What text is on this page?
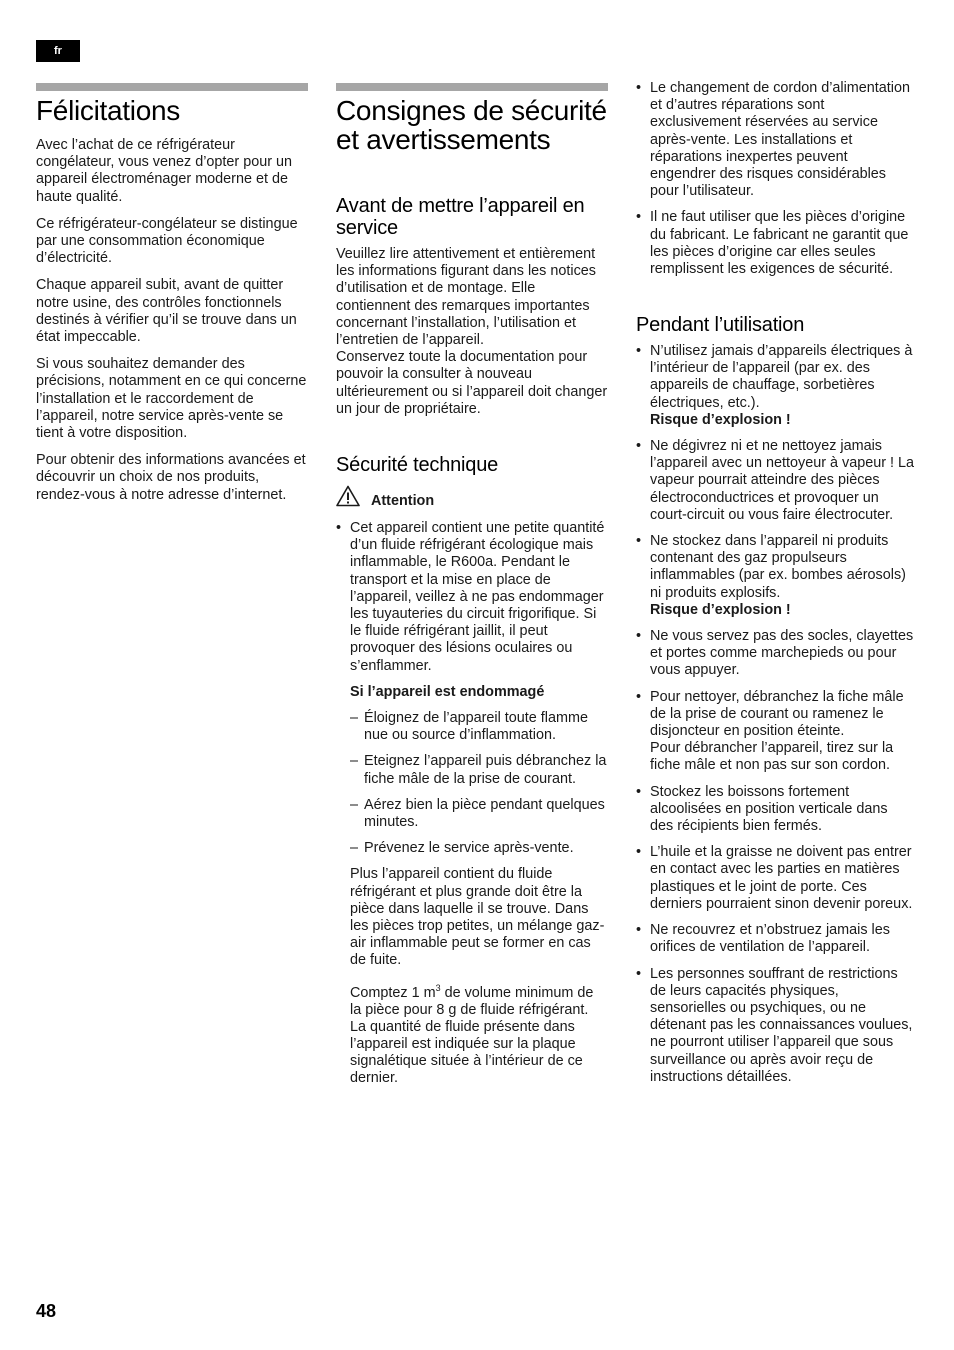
fr
Félicitations

Avec l’achat de ce réfrigérateur congélateur, vous venez d’opter pour un appareil électroménager moderne et de haute qualité.

Ce réfrigérateur-congélateur se distingue par une consommation économique d’électricité.

Chaque appareil subit, avant de quitter notre usine, des contrôles fonctionnels destinés à vérifier qu’il se trouve dans un état impeccable.

Si vous souhaitez demander des précisions, notamment en ce qui concerne l’installation et le raccordement de l’appareil, notre service après-vente se tient à votre disposition.

Pour obtenir des informations avancées et découvrir un choix de nos produits, rendez-vous à notre adresse d’internet.

Consignes de sécurité et avertissements
Avant de mettre l’appareil en service

Veuillez lire attentivement et entièrement les informations figurant dans les notices d’utilisation et de montage. Elle contiennent des remarques importantes concernant l’installation, l’utilisation et l’entretien de l’appareil.

Conservez toute la documentation pour pouvoir la consulter à nouveau ultérieurement ou si l’appareil doit changer un jour de propriétaire.

Sécurité technique
Attention
• Cet appareil contient une petite quantité d’un fluide réfrigérant écologique mais inflammable, le R600a. Pendant le transport et la mise en place de l’appareil, veillez à ne pas endommager les tuyauteries du circuit frigorifique. Si le fluide réfrigérant jaillit, il peut provoquer des lésions oculaires ou s’enflammer.

Si l’appareil est endommagé

– Éloignez de l’appareil toute flamme nue ou source d’inflammation.
– Eteignez l’appareil puis débranchez la fiche mâle de la prise de courant.
– Aérez bien la pièce pendant quelques minutes.
– Prévenez le service après-vente.

Plus l’appareil contient du fluide réfrigérant et plus grande doit être la pièce dans laquelle il se trouve. Dans les pièces trop petites, un mélange gaz-air inflammable peut se former en cas de fuite.

Comptez 1 $m^3$ de volume minimum de la pièce pour 8 g de fluide réfrigérant. La quantité de fluide présente dans l’appareil est indiquée sur la plaque signalétique située à l’intérieur de ce dernier.

• Le changement de cordon d’alimentation et d’autres réparations sont exclusivement réservées au service après-vente. Les installations et réparations inexpertes peuvent engendrer des risques considérables pour l’utilisateur.
• Il ne faut utiliser que les pièces d’origine du fabricant. Le fabricant ne garantit que les pièces d’origine car elles seules remplissent les exigences de sécurité.
Pendant l’utilisation
• N’utilisez jamais d’appareils électriques à l’intérieur de l’appareil (par ex. des appareils de chauffage, sorbetières électriques, etc.).
Risque d’explosion !
• Ne dégivrez ni et ne nettoyez jamais l’appareil avec un nettoyeur à vapeur ! La vapeur pourrait atteindre des pièces électroconductrices et provoquer un court-circuit ou vous faire électrocuter.
• Ne stockez dans l’appareil ni produits contenant des gaz propulseurs inflammables (par ex. bombes aérosols) ni produits explosifs.
Risque d’explosion !
• Ne vous servez pas des socles, clayettes et portes comme marchepieds ou pour vous appuyer.
• Pour nettoyer, débranchez la fiche mâle de la prise de courant ou ramenez le disjoncteur en position éteinte.
Pour débrancher l’appareil, tirez sur la fiche mâle et non pas sur son cordon.
• Stockez les boissons fortement alcoolisées en position verticale dans des récipients bien fermés.
• L’huile et la graisse ne doivent pas entrer en contact avec les parties en matières plastiques et le joint de porte. Ces derniers pourraient sinon devenir poreux.
• Ne recouvrez et n’obstruez jamais les orifices de ventilation de l’appareil.
• Les personnes souffrant de restrictions de leurs capacités physiques, sensorielles ou psychiques, ou ne détenant pas les connaissances voulues, ne pourront utiliser l’appareil que sous surveillance ou après avoir reçu de instructions détaillées.
48
